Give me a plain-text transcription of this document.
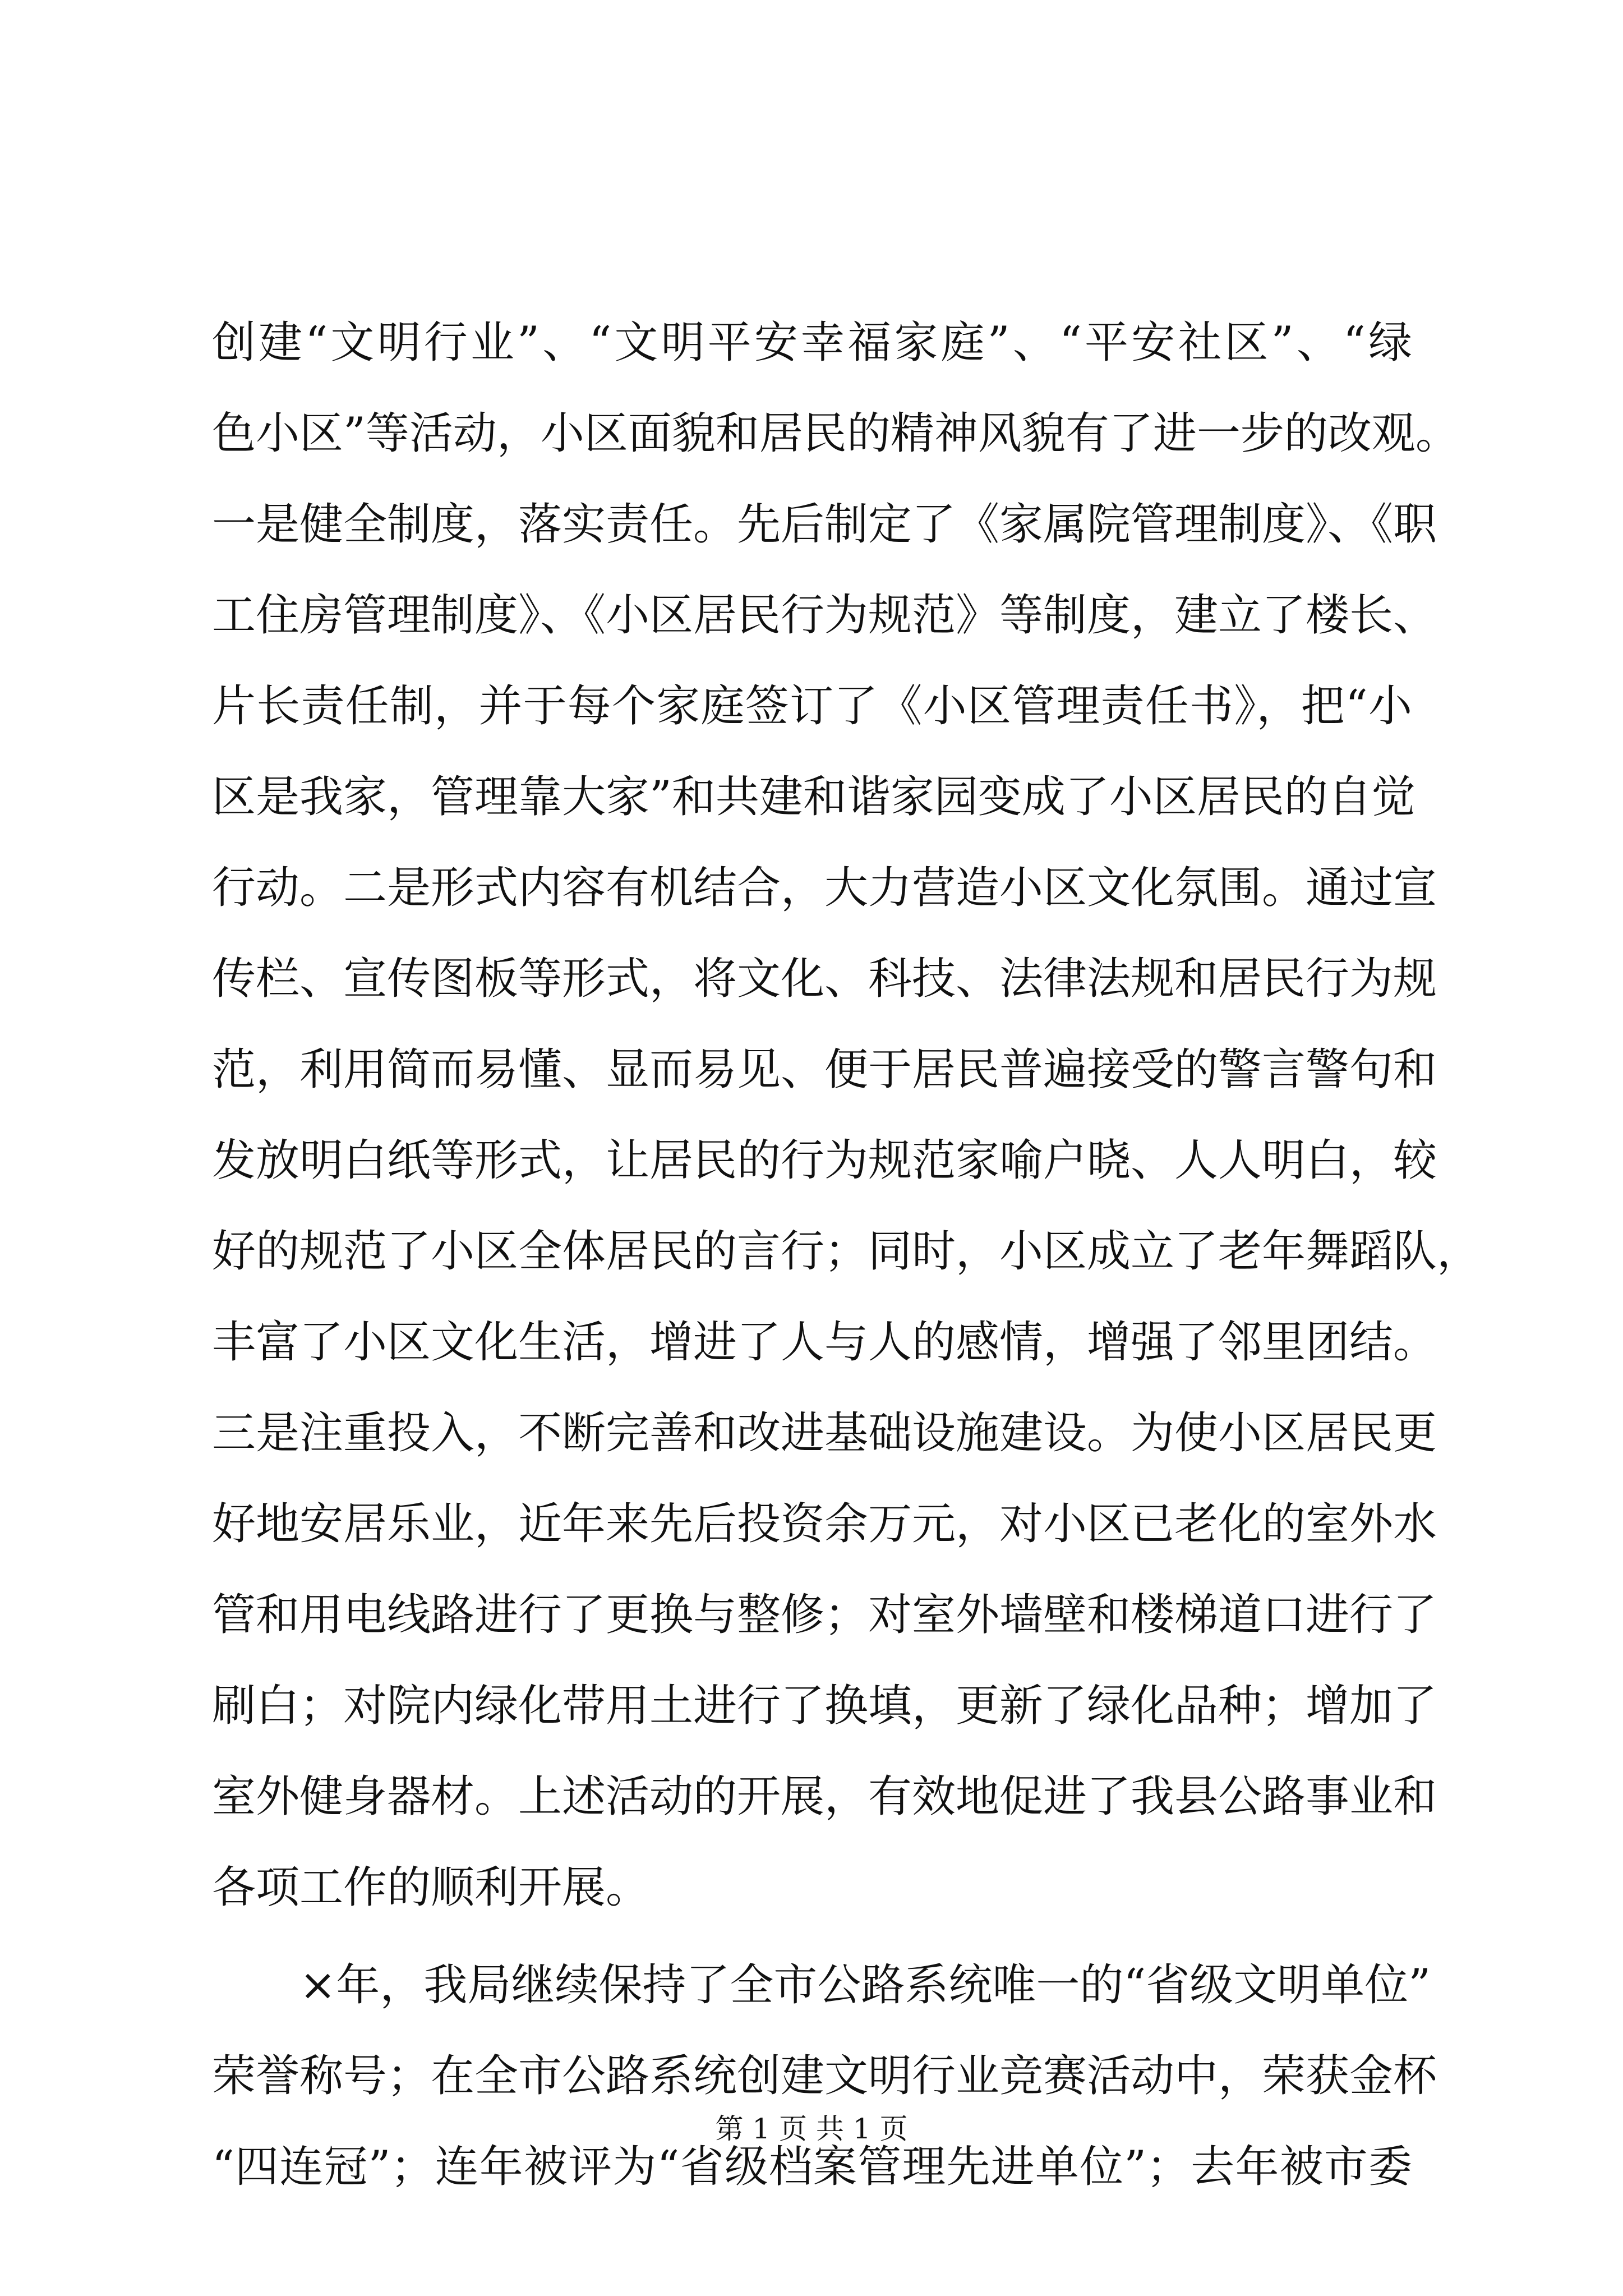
创建“文明行业”、“文明平安幸福家庭”、“平安社区”、“绿
色小区”等活动，小区面貌和居民的精神风貌有了进一步的改观。
一是健全制度，落实责任。先后制定了《家属院管理制度》、《职
工住房管理制度》、《小区居民行为规范》等制度，建立了楼长、
片长责任制，并于每个家庭签订了《小区管理责任书》，把“小
区是我家，管理靠大家”和共建和谐家园变成了小区居民的自觉
行动。二是形式内容有机结合，大力营造小区文化氛围。通过宣
传栏、宣传图板等形式，将文化、科技、法律法规和居民行为规
范，利用简而易懂、显而易见、便于居民普遍接受的警言警句和
发放明白纸等形式，让居民的行为规范家喻户晓、人人明白，较
好的规范了小区全体居民的言行；同时，小区成立了老年舞蹈队，
丰富了小区文化生活，增进了人与人的感情，增强了邻里团结。
三是注重投入，不断完善和改进基础设施建设。为使小区居民更
好地安居乐业，近年来先后投资余万元，对小区已老化的室外水
管和用电线路进行了更换与整修；对室外墙壁和楼梯道口进行了
刷白；对院内绿化带用土进行了换填，更新了绿化品种；增加了
室外健身器材。上述活动的开展，有效地促进了我县公路事业和
各项工作的顺利开展。
×年，我局继续保持了全市公路系统唯一的“省级文明单位”
荣誉称号；在全市公路系统创建文明行业竞赛活动中，荣获金杯
“四连冠”；连年被评为“省级档案管理先进单位”；去年被市委
第 1 页 共 1 页
